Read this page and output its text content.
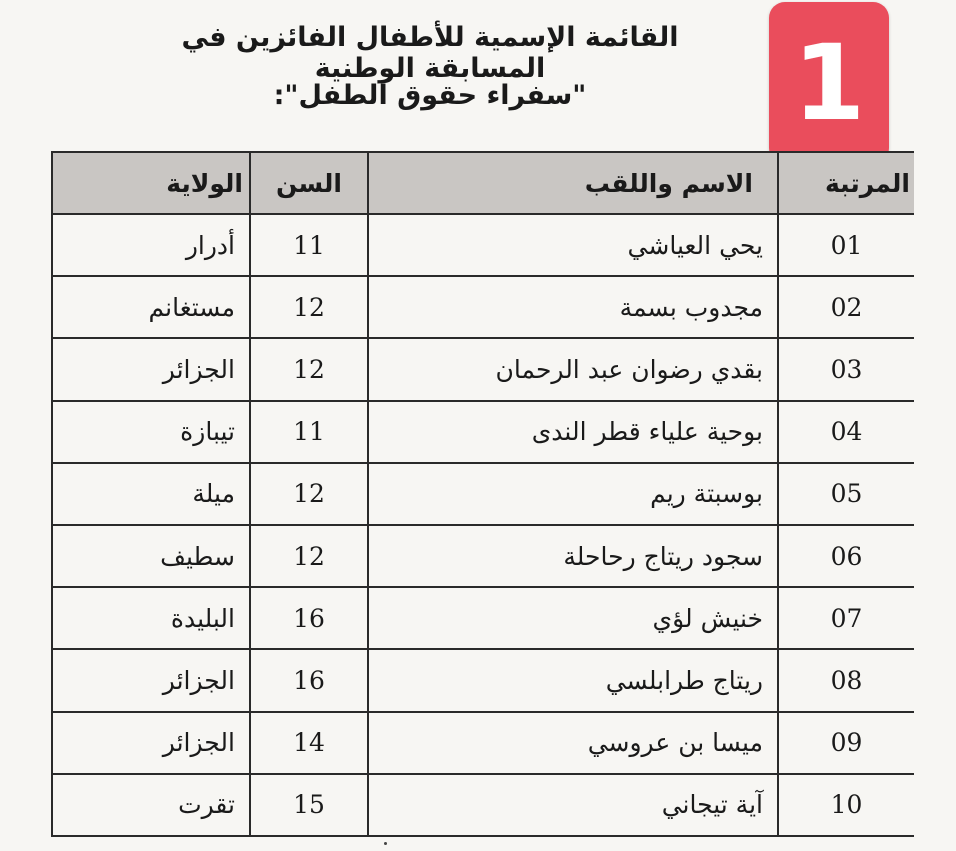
القائمة الإسمية للأطفال الفائزين في المسابقة الوطنية
"سفراء حقوق الطفل":	1
المرتبة	الاسم واللقب	السن	الولاية
01	يحي العياشي	11	أدرار
02	مجدوب بسمة	12	مستغانم
03	بقدي رضوان عبد الرحمان	12	الجزائر
04	بوحية علياء قطر الندى	11	تيبازة
05	بوسبتة ريم	12	ميلة
06	سجود ريتاج رحاحلة	12	سطيف
07	خنيش لؤي	16	البليدة
08	ريتاج طرابلسي	16	الجزائر
09	ميسا بن عروسي	14	الجزائر
10	آية تيجاني	15	تقرت
